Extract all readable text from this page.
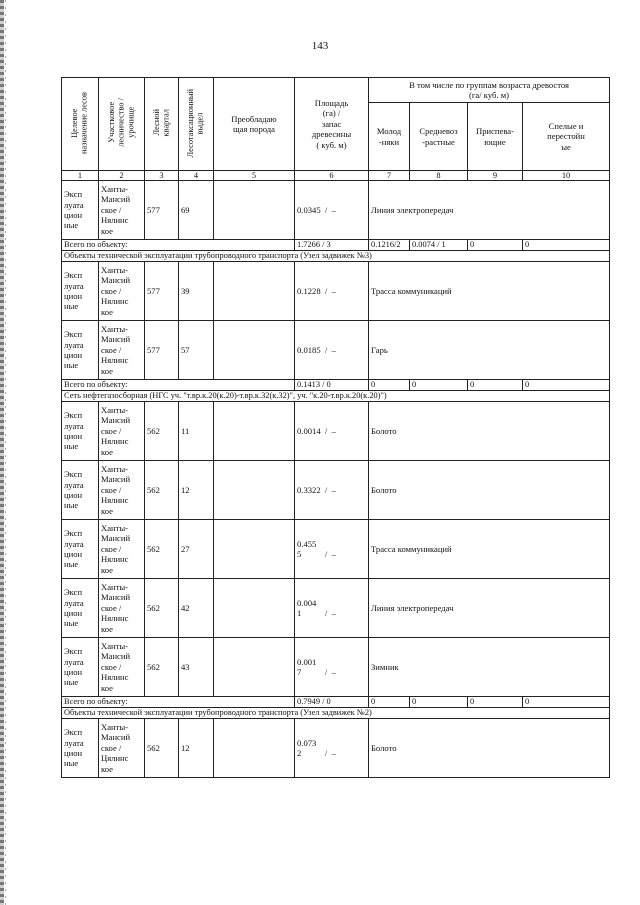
143
Целевое
назначение лесов	Участковое
лесничество /
урочище	Лесной
квартал	Лесотаксационный
выдел	Преобладаю
щая порода	Площадь
(га) /
запас
древесины
( куб. м)	В том числе по группам возраста древостоя
(га/ куб. м)			
						Молод
-няки	Средневоз
-растные	Приспева-
ющие	Спелые и
перестойн
ые
1	2	3	4	5	6	7	8	9	10
Эксп
луата
цион
ные	Ханты-
Мансий
ское /
Нялинс
кое	577	69		0.0345  /  –	Линия электропередач			
Всего по объекту:					1.7266 / 3	0.1216/2	0.0074 / 1	0	0
Объекты технической эксплуатации трубопроводного транспорта (Узел задвижек №3)									
Эксп
луата
цион
ные	Ханты-
Мансий
ское /
Нялинс
кое	577	39		0.1228  /  –	Трасса коммуникаций			
Эксп
луата
цион
ные	Ханты-
Мансий
ское /
Нялинс
кое	577	57		0.0185  /  –	Гарь			
Всего по объекту:					0.1413 / 0	0	0	0	0
Сеть нефтегазосборная (НГС уч. "т.вр.к.20(к.20)-т.вр.к.32(к.32)", уч. "к.20-т.вр.к.20(к.20)")									
Эксп
луата
цион
ные	Ханты-
Мансий
ское /
Нялинс
кое	562	11		0.0014  /  –	Болото			
Эксп
луата
цион
ные	Ханты-
Мансий
ское /
Нялинс
кое	562	12		0.3322  /  –	Болото			
Эксп
луата
цион
ные	Ханты-
Мансий
ское /
Нялинс
кое	562	27		0.455
5           /  –	Трасса коммуникаций			
Эксп
луата
цион
ные	Ханты-
Мансий
ское /
Нялинс
кое	562	42		0.004
1           /  –	Линия электропередач			
Эксп
луата
цион
ные	Ханты-
Мансий
ское /
Нялинс
кое	562	43		0.001
7           /  –	Зимник			
Всего по объекту:					0.7949 / 0	0	0	0	0
Объекты технической эксплуатации трубопроводного транспорта (Узел задвижек №2)									
Эксп
луата
цион
ные	Ханты-
Мансий
ское /
Цялинс
кое	562	12		0.073
2           /  –	Болото			
